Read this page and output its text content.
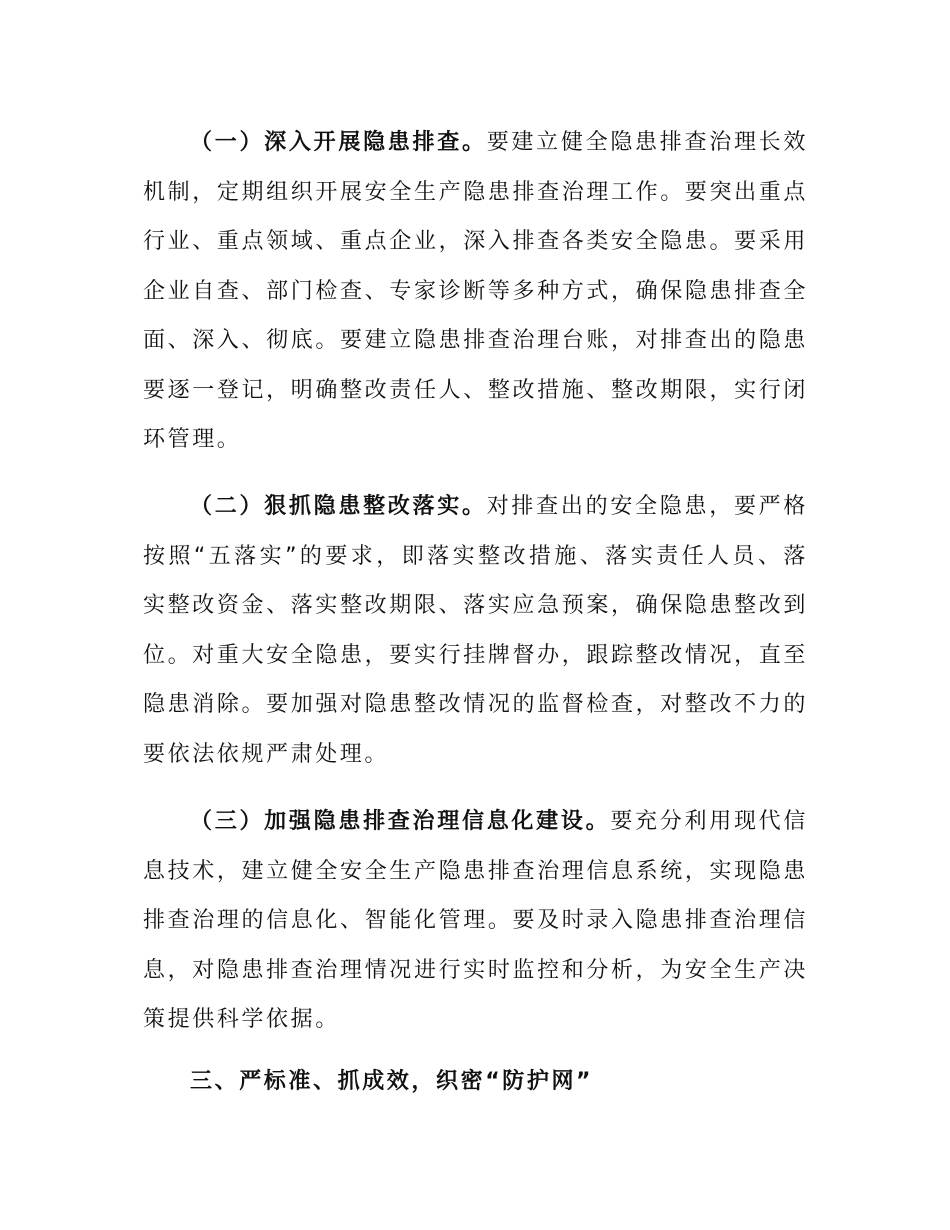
（一）深入开展隐患排查。要建立健全隐患排查治理长效
机制，定期组织开展安全生产隐患排查治理工作。要突出重点
行业、重点领域、重点企业，深入排查各类安全隐患。要采用
企业自查、部门检查、专家诊断等多种方式，确保隐患排查全
面、深入、彻底。要建立隐患排查治理台账，对排查出的隐患
要逐一登记，明确整改责任人、整改措施、整改期限，实行闭
环管理。
（二）狠抓隐患整改落实。对排查出的安全隐患，要严格
按照“五落实”的要求，即落实整改措施、落实责任人员、落
实整改资金、落实整改期限、落实应急预案，确保隐患整改到
位。对重大安全隐患，要实行挂牌督办，跟踪整改情况，直至
隐患消除。要加强对隐患整改情况的监督检查，对整改不力的
要依法依规严肃处理。
（三）加强隐患排查治理信息化建设。要充分利用现代信
息技术，建立健全安全生产隐患排查治理信息系统，实现隐患
排查治理的信息化、智能化管理。要及时录入隐患排查治理信
息，对隐患排查治理情况进行实时监控和分析，为安全生产决
策提供科学依据。
三、严标准、抓成效，织密“防护网”
